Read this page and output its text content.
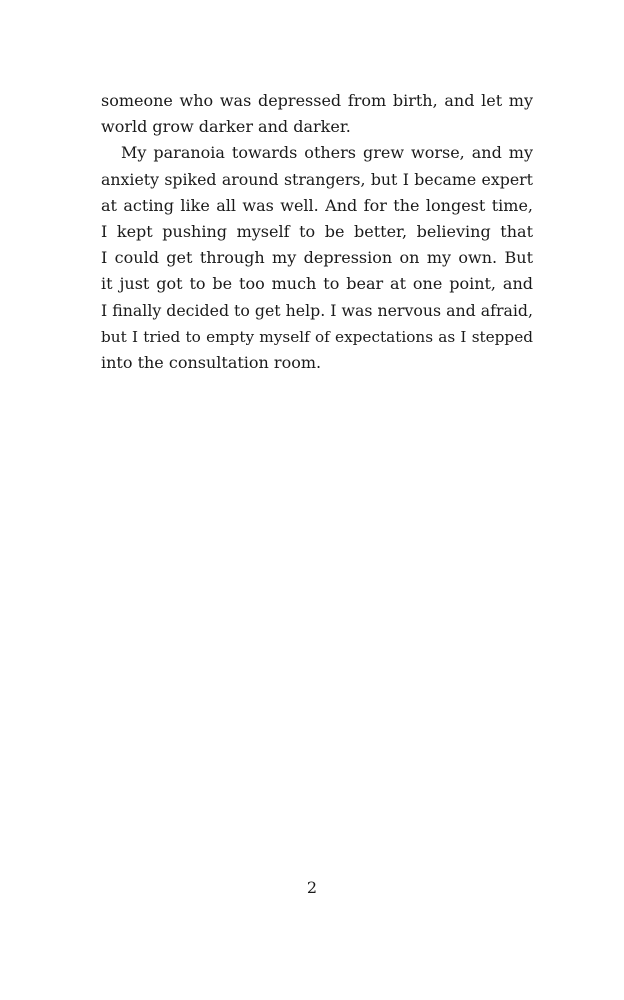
someone who was depressed from birth, and let my
world grow darker and darker.

My paranoia towards others grew worse, and my
anxiety spiked around strangers, but I became expert
at acting like all was well. And for the longest time,
I kept pushing myself to be better, believing that
I could get through my depression on my own. But
it just got to be too much to bear at one point, and
I finally decided to get help. I was nervous and afraid,
but I tried to empty myself of expectations as I stepped
into the consultation room.

2
